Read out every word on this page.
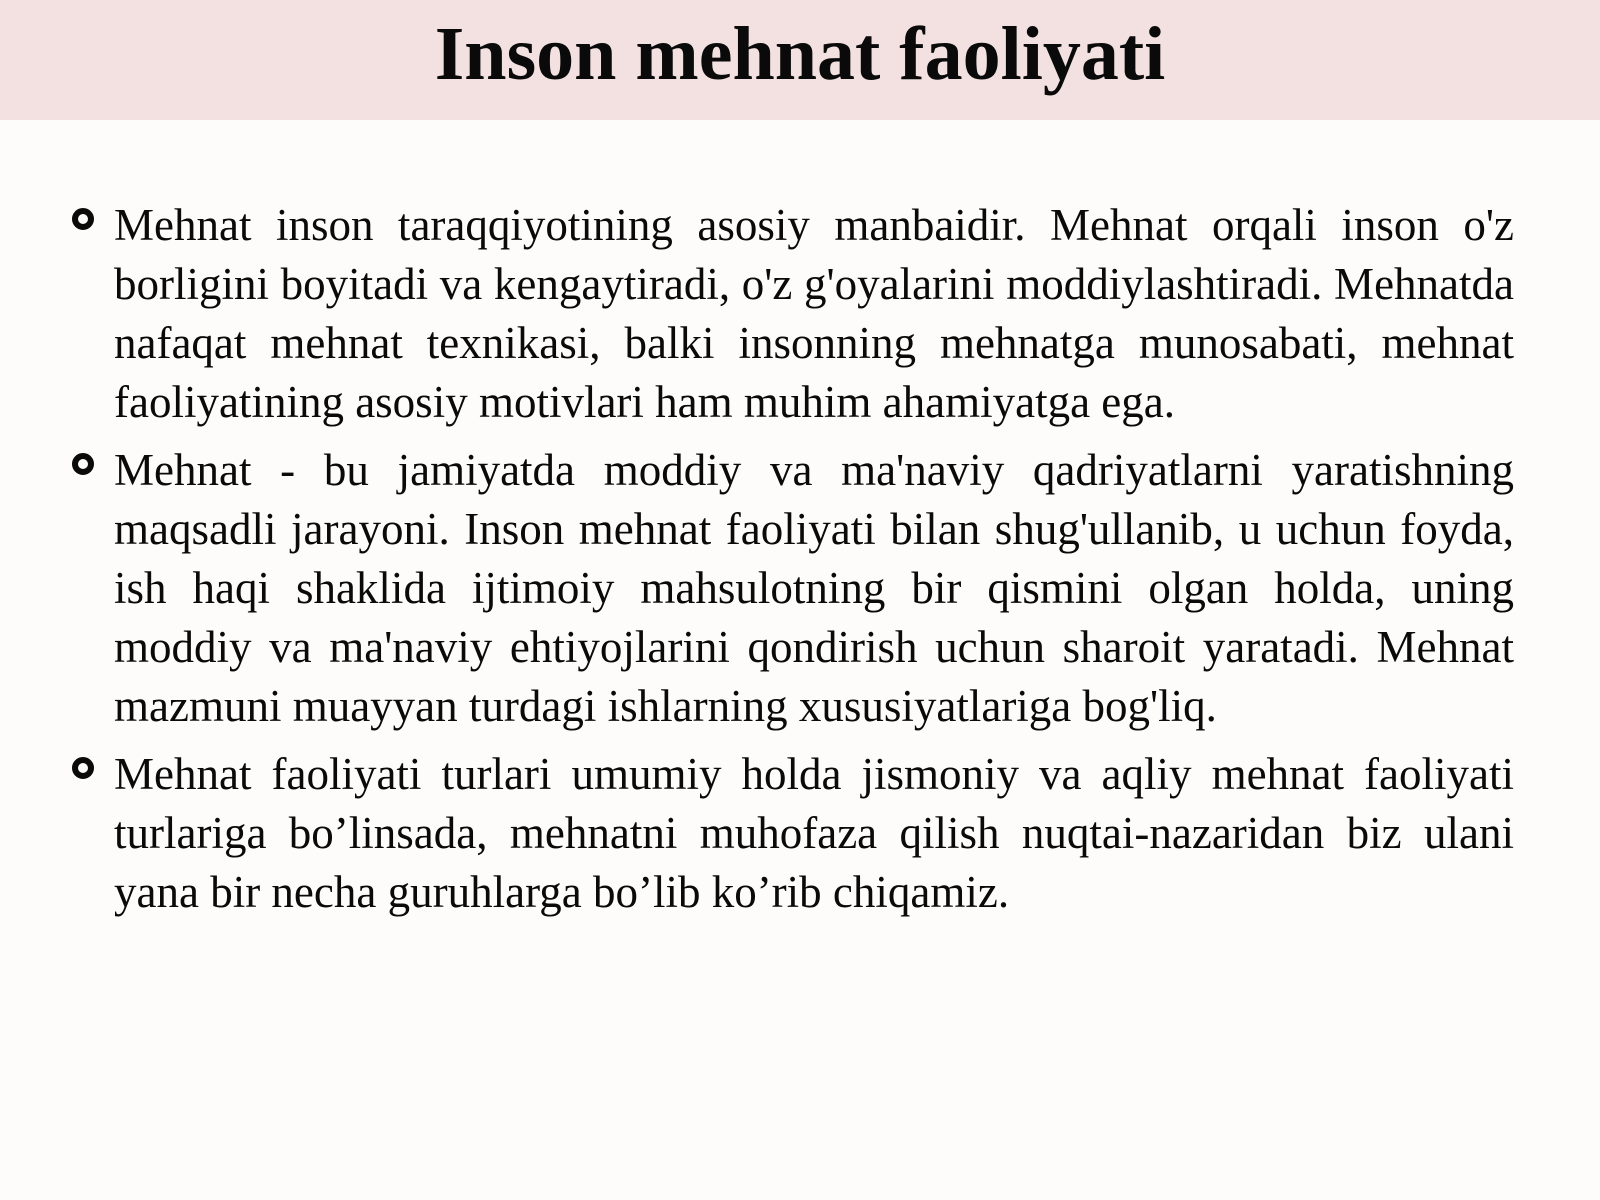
Inson mehnat faoliyati
Mehnat inson taraqqiyotining asosiy manbaidir. Mehnat orqali inson o'z borligini boyitadi va kengaytiradi, o'z g'oyalarini moddiylashtiradi. Mehnatda nafaqat mehnat texnikasi, balki insonning mehnatga munosabati, mehnat faoliyatining asosiy motivlari ham muhim ahamiyatga ega.
Mehnat - bu jamiyatda moddiy va ma'naviy qadriyatlarni yaratishning maqsadli jarayoni. Inson mehnat faoliyati bilan shug'ullanib, u uchun foyda, ish haqi shaklida ijtimoiy mahsulotning bir qismini olgan holda, uning moddiy va ma'naviy ehtiyojlarini qondirish uchun sharoit yaratadi. Mehnat mazmuni muayyan turdagi ishlarning xususiyatlariga bog'liq.
Mehnat faoliyati turlari umumiy holda jismoniy va aqliy mehnat faoliyati turlariga bo’linsada, mehnatni muhofaza qilish nuqtai-nazaridan biz ulani yana bir necha guruhlarga bo’lib ko’rib chiqamiz.
